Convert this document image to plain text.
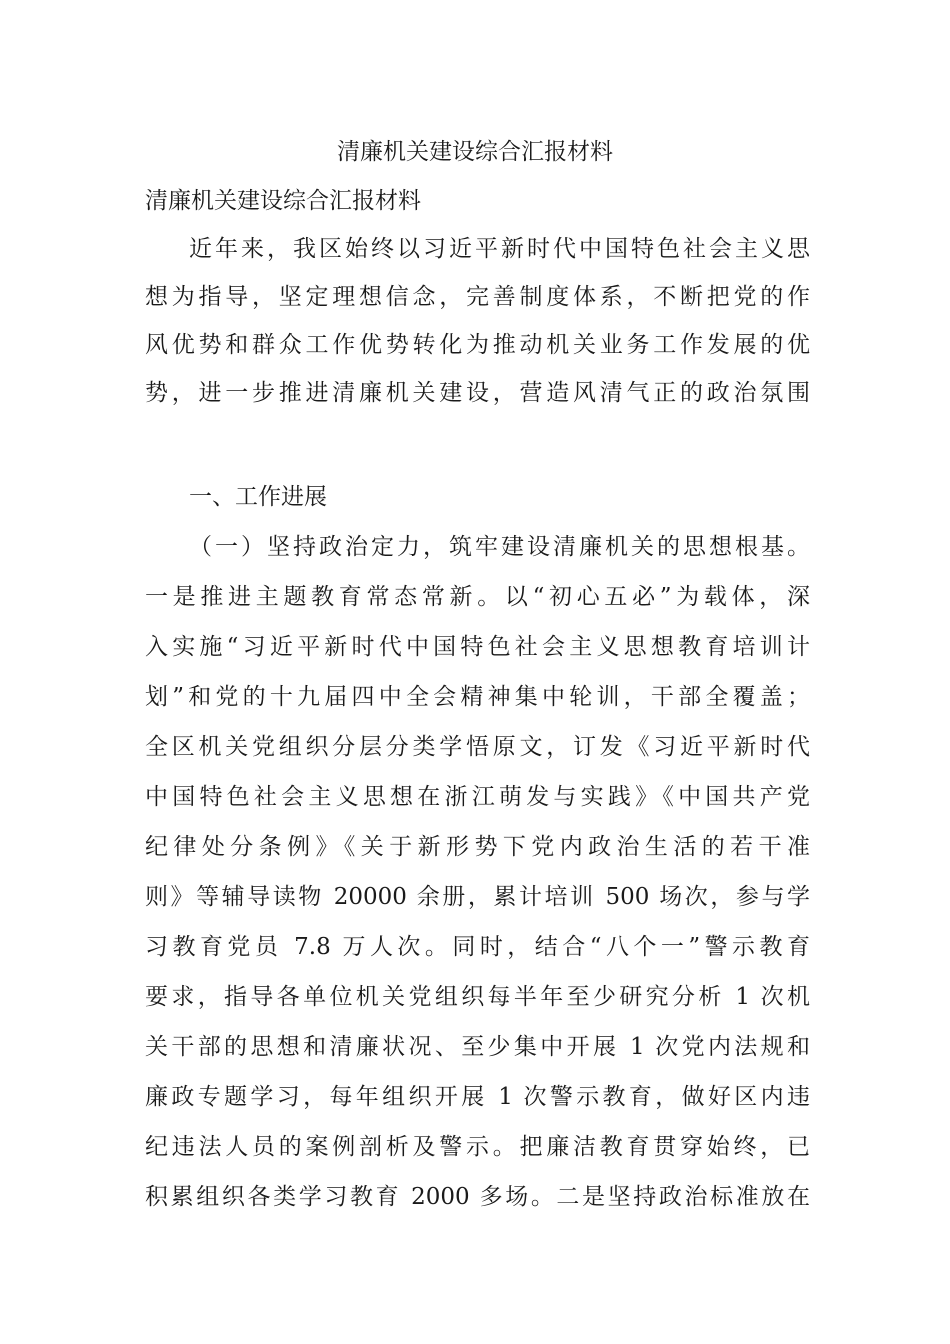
清廉机关建设综合汇报材料
清廉机关建设综合汇报材料
近年来，我区始终以习近平新时代中国特色社会主义思
想为指导，坚定理想信念，完善制度体系，不断把党的作
风优势和群众工作优势转化为推动机关业务工作发展的优
势，进一步推进清廉机关建设，营造风清气正的政治氛围
一、工作进展
（一）坚持政治定力，筑牢建设清廉机关的思想根基。
一是推进主题教育常态常新。以“初心五必”为载体，深
入实施“习近平新时代中国特色社会主义思想教育培训计
划”和党的十九届四中全会精神集中轮训，干部全覆盖；
全区机关党组织分层分类学悟原文，订发《习近平新时代
中国特色社会主义思想在浙江萌发与实践》《中国共产党
纪律处分条例》《关于新形势下党内政治生活的若干准
则》等辅导读物 20000 余册，累计培训 500 场次，参与学
习教育党员 7.8 万人次。同时，结合“八个一”警示教育
要求，指导各单位机关党组织每半年至少研究分析 1 次机
关干部的思想和清廉状况、至少集中开展 1 次党内法规和
廉政专题学习，每年组织开展 1 次警示教育，做好区内违
纪违法人员的案例剖析及警示。把廉洁教育贯穿始终，已
积累组织各类学习教育 2000 多场。二是坚持政治标准放在
